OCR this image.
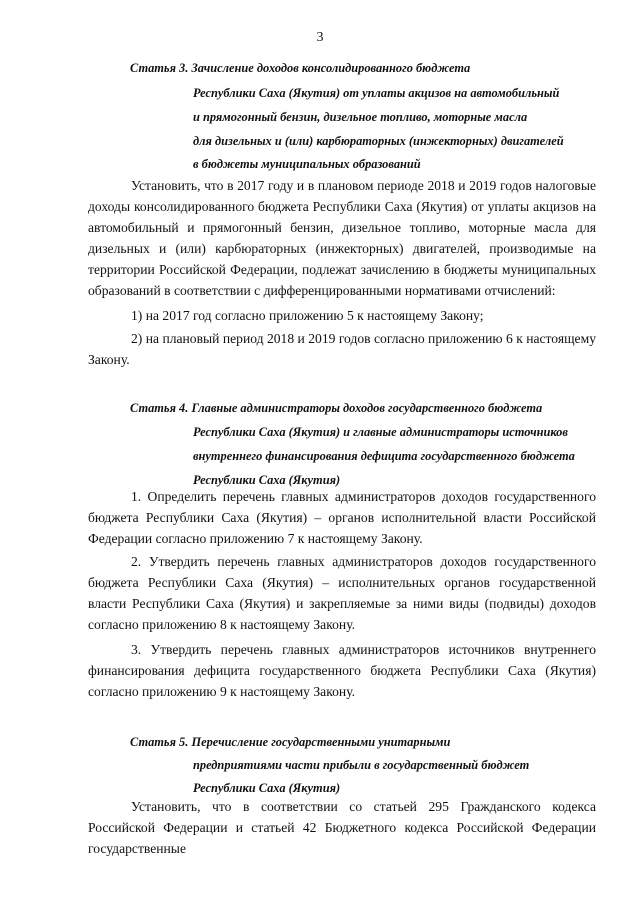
3
Статья 3. Зачисление доходов консолидированного бюджета
Республики Саха (Якутия) от уплаты акцизов на автомобильный
и прямогонный бензин, дизельное топливо, моторные масла
для дизельных и (или) карбюраторных (инжекторных) двигателей
в бюджеты муниципальных образований

Установить, что в 2017 году и в плановом периоде 2018 и 2019 годов налоговые доходы консолидированного бюджета Республики Саха (Якутия) от уплаты акцизов на автомобильный и прямогонный бензин, дизельное топливо, моторные масла для дизельных и (или) карбюраторных (инжекторных) двигателей, производимые на территории Российской Федерации, подлежат зачислению в бюджеты муниципальных образований в соответствии с дифференцированными нормативами отчислений:

1) на 2017 год согласно приложению 5 к настоящему Закону;

2) на плановый период 2018 и 2019 годов согласно приложению 6 к настоящему Закону.

Статья 4. Главные администраторы доходов государственного бюджета
Республики Саха (Якутия) и главные администраторы источников
внутреннего финансирования дефицита государственного бюджета
Республики Саха (Якутия)

1. Определить перечень главных администраторов доходов государственного бюджета Республики Саха (Якутия) – органов исполнительной власти Российской Федерации согласно приложению 7 к настоящему Закону.

2. Утвердить перечень главных администраторов доходов государственного бюджета Республики Саха (Якутия) – исполнительных органов государственной власти Республики Саха (Якутия) и закрепляемые за ними виды (подвиды) доходов согласно приложению 8 к настоящему Закону.

3. Утвердить перечень главных администраторов источников внутреннего финансирования дефицита государственного бюджета Республики Саха (Якутия) согласно приложению 9 к настоящему Закону.

Статья 5. Перечисление государственными унитарными
предприятиями части прибыли в государственный бюджет
Республики Саха (Якутия)

Установить, что в соответствии со статьей 295 Гражданского кодекса Российской Федерации и статьей 42 Бюджетного кодекса Российской Федерации государственные
